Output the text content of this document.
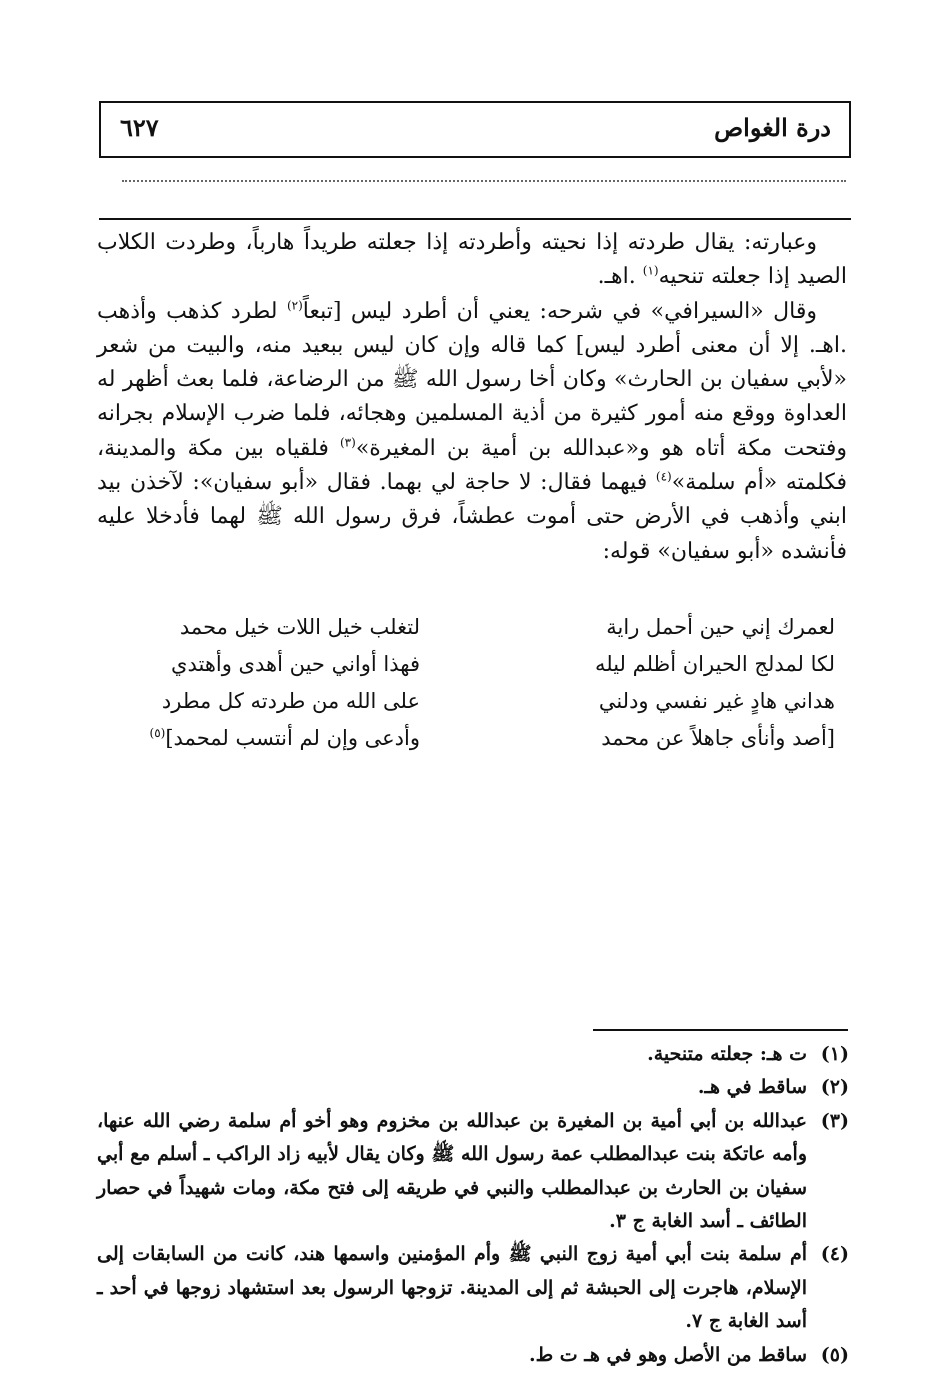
درة الغواص
٦٢٧

وعبارته: يقال طردته إذا نحيته وأطردته إذا جعلته طريداً هارباً، وطردت الكلاب الصيد إذا جعلته تنحيه$^{(١)}$ .اهـ.

وقال «السيرافي» في شرحه: يعني أن أطرد ليس [تبعاً$^{(٢)}$ لطرد كذهب وأذهب .اهـ. إلا أن معنى أطرد ليس] كما قاله وإن كان ليس ببعيد منه، والبيت من شعر «لأبي سفيان بن الحارث» وكان أخا رسول الله ﷺ من الرضاعة، فلما بعث أظهر له العداوة ووقع منه أمور كثيرة من أذية المسلمين وهجائه، فلما ضرب الإسلام بجرانه وفتحت مكة أتاه هو و«عبدالله بن أمية بن المغيرة»$^{(٣)}$ فلقياه بين مكة والمدينة، فكلمته «أم سلمة»$^{(٤)}$ فيهما فقال: لا حاجة لي بهما. فقال «أبو سفيان»: لآخذن بيد ابني وأذهب في الأرض حتى أموت عطشاً، فرق رسول الله ﷺ لهما فأدخلا عليه فأنشده «أبو سفيان» قوله:

لعمرك إني حين أحمل راية
لتغلب خيل اللات خيل محمد
لكا لمدلج الحيران أظلم ليله
فهذا أواني حين أهدى وأهتدي
هداني هادٍ غير نفسي ودلني
على الله من طردته كل مطرد
[أصد وأنأى جاهلاً عن محمد
وأدعى وإن لم أنتسب لمحمد]$^{(٥)}$
(١)
ت هـ: جعلته متنحية.
(٢)
ساقط في هـ.
(٣)
عبدالله بن أبي أمية بن المغيرة بن عبدالله بن مخزوم وهو أخو أم سلمة رضي الله عنها، وأمه عاتكة بنت عبدالمطلب عمة رسول الله ﷺ وكان يقال لأبيه زاد الراكب ـ أسلم مع أبي سفيان بن الحارث بن عبدالمطلب والنبي في طريقه إلى فتح مكة، ومات شهيداً في حصار الطائف ـ أسد الغابة ج ٣.
(٤)
أم سلمة بنت أبي أمية زوج النبي ﷺ وأم المؤمنين واسمها هند، كانت من السابقات إلى الإسلام، هاجرت إلى الحبشة ثم إلى المدينة. تزوجها الرسول بعد استشهاد زوجها في أحد ـ أسد الغابة ج ٧.
(٥)
ساقط من الأصل وهو في هـ ت ط.
